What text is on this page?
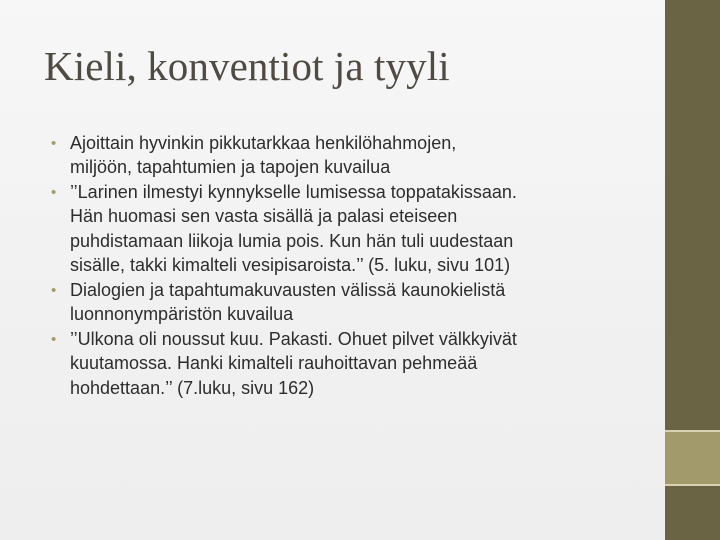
Kieli, konventiot ja tyyli
• Ajoittain hyvinkin pikkutarkkaa henkilöhahmojen,
miljöön, tapahtumien ja tapojen kuvailua
• ’’Larinen ilmestyi kynnykselle lumisessa toppatakissaan.
Hän huomasi sen vasta sisällä ja palasi eteiseen
puhdistamaan liikoja lumia pois. Kun hän tuli uudestaan
sisälle, takki kimalteli vesipisaroista.’’ (5. luku, sivu 101)
• Dialogien ja tapahtumakuvausten välissä kaunokielistä
luonnonympäristön kuvailua
• ’’Ulkona oli noussut kuu. Pakasti. Ohuet pilvet välkkyivät
kuutamossa. Hanki kimalteli rauhoittavan pehmeää
hohdettaan.’’ (7.luku, sivu 162)
